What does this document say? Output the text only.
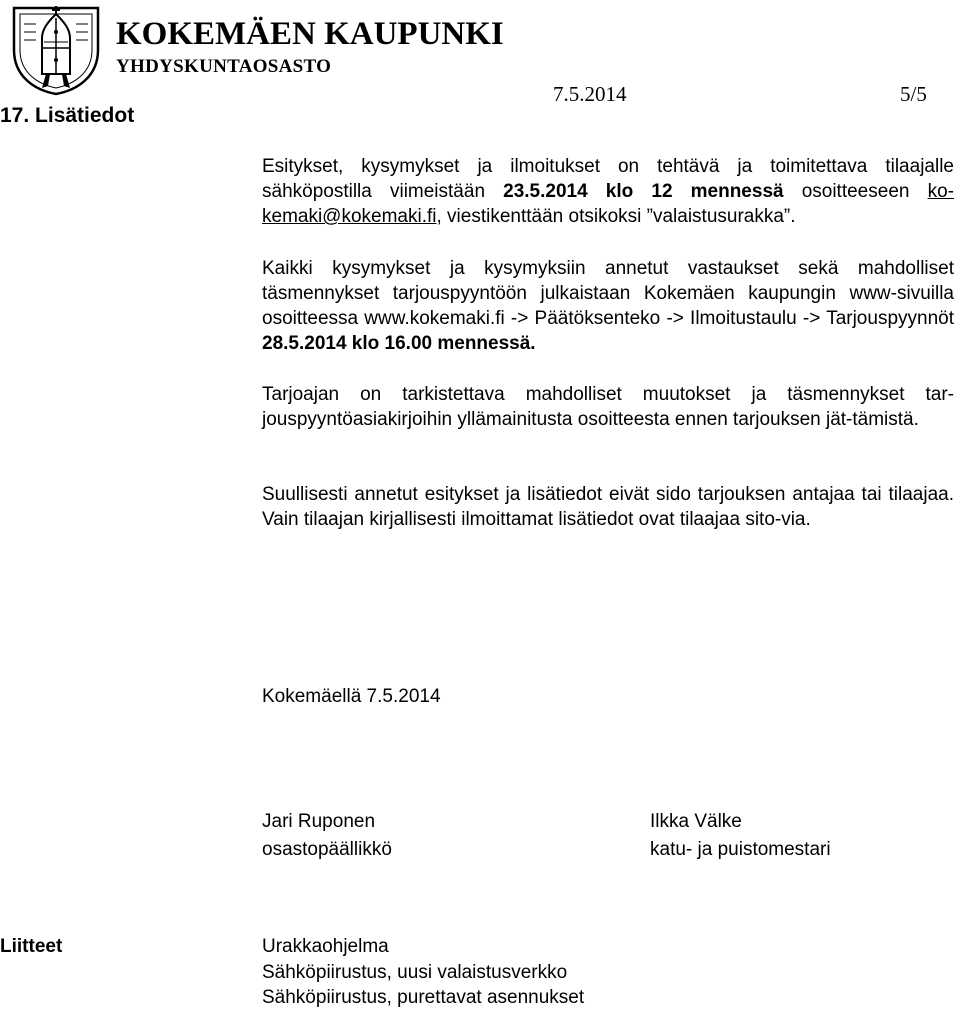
KOKEMÄEN KAUPUNKI
YHDYSKUNTAOSASTO
7.5.2014	5/5
17. Lisätiedot
Esitykset, kysymykset ja ilmoitukset on tehtävä ja toimitettava tilaajalle sähköpostilla viimeistään 23.5.2014 klo 12 mennessä osoitteeseen ko-kemaki@kokemaki.fi, viestikenttään otsikoksi ”valaistusurakka”.
Kaikki kysymykset ja kysymyksiin annetut vastaukset sekä mahdolliset täsmennykset tarjouspyyntöön julkaistaan Kokemäen kaupungin www-sivuilla osoitteessa www.kokemaki.fi -> Päätöksenteko -> Ilmoitustaulu -> Tarjouspyynnöt 28.5.2014 klo 16.00 mennessä.
Tarjoajan on tarkistettava mahdolliset muutokset ja täsmennykset tar-jouspyyntöasiakirjoihin yllämainitusta osoitteesta ennen tarjouksen jät-tämistä.
Suullisesti annetut esitykset ja lisätiedot eivät sido tarjouksen antajaa tai tilaajaa. Vain tilaajan kirjallisesti ilmoittamat lisätiedot ovat tilaajaa sito-via.
Kokemäellä 7.5.2014
Jari Ruponen
osastopäällikkö
Ilkka Välke
katu- ja puistomestari
Liitteet	Urakkaohjelma
Sähköpiirustus, uusi valaistusverkko
Sähköpiirustus, purettavat asennukset
